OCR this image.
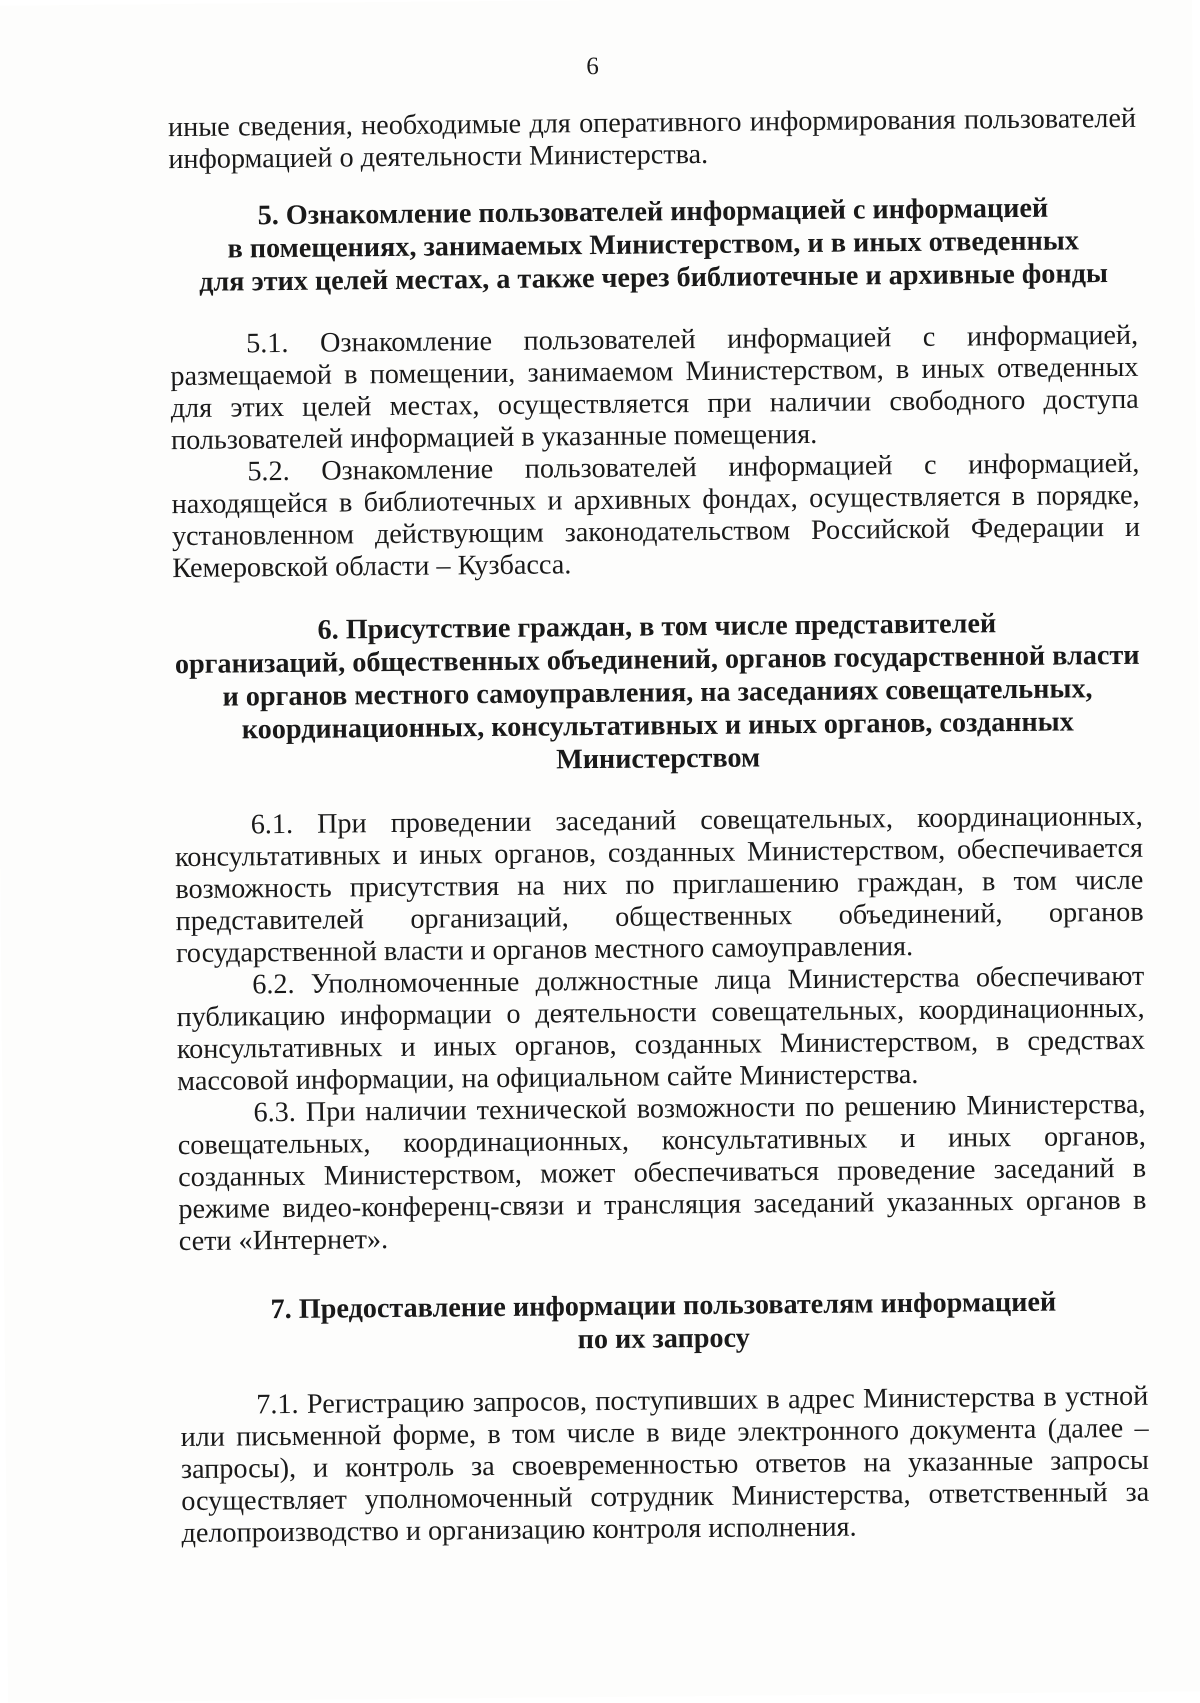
6

иные сведения, необходимые для оперативного информирования пользователей информацией о деятельности Министерства.

5. Ознакомление пользователей информацией с информацией
в помещениях, занимаемых Министерством, и в иных отведенных
для этих целей местах, а также через библиотечные и архивные фонды

5.1. Ознакомление пользователей информацией с информацией, размещаемой в помещении, занимаемом Министерством, в иных отведенных для этих целей местах, осуществляется при наличии свободного доступа пользователей информацией в указанные помещения.

5.2. Ознакомление пользователей информацией с информацией, находящейся в библиотечных и архивных фондах, осуществляется в порядке, установленном действующим законодательством Российской Федерации и Кемеровской области – Кузбасса.

6. Присутствие граждан, в том числе представителей
организаций, общественных объединений, органов государственной власти
и органов местного самоуправления, на заседаниях совещательных,
координационных, консультативных и иных органов, созданных
Министерством

6.1. При проведении заседаний совещательных, координационных, консультативных и иных органов, созданных Министерством, обеспечивается возможность присутствия на них по приглашению граждан, в том числе представителей организаций, общественных объединений, органов государственной власти и органов местного самоуправления.

6.2. Уполномоченные должностные лица Министерства обеспечивают публикацию информации о деятельности совещательных, координационных, консультативных и иных органов, созданных Министерством, в средствах массовой информации, на официальном сайте Министерства.

6.3. При наличии технической возможности по решению Министерства, совещательных, координационных, консультативных и иных органов, созданных Министерством, может обеспечиваться проведение заседаний в режиме видео-конференц-связи и трансляция заседаний указанных органов в сети «Интернет».

7. Предоставление информации пользователям информацией
по их запросу

7.1. Регистрацию запросов, поступивших в адрес Министерства в устной или письменной форме, в том числе в виде электронного документа (далее – запросы), и контроль за своевременностью ответов на указанные запросы осуществляет уполномоченный сотрудник Министерства, ответственный за делопроизводство и организацию контроля исполнения.
